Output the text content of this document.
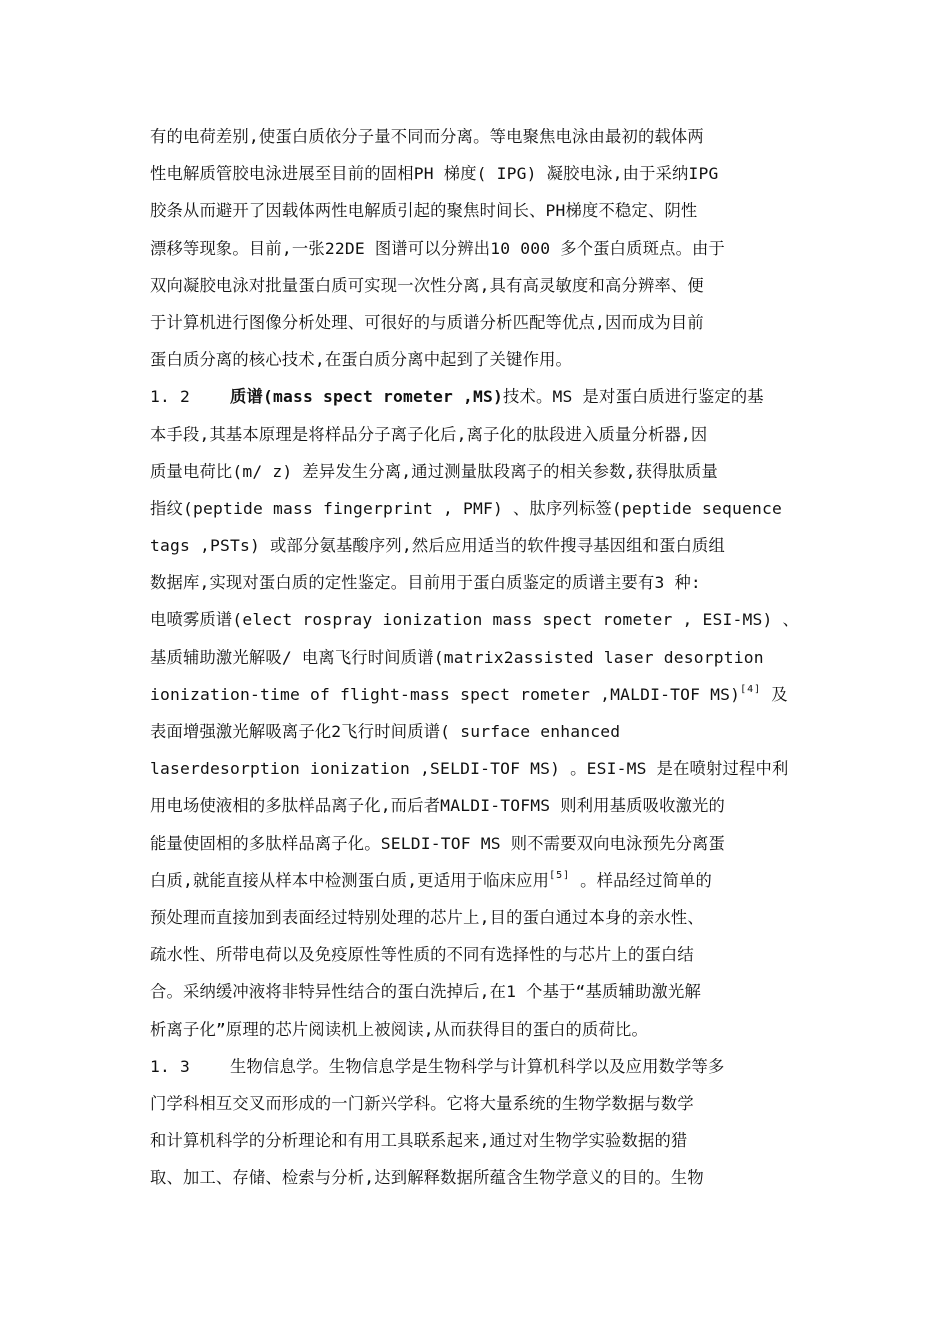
有的电荷差别,使蛋白质依分子量不同而分离。等电聚焦电泳由最初的载体两
性电解质管胶电泳进展至目前的固相PH 梯度( IPG) 凝胶电泳,由于采纳IPG
胶条从而避开了因载体两性电解质引起的聚焦时间长、PH梯度不稳定、阴性
漂移等现象。目前,一张22DE 图谱可以分辨出10 000 多个蛋白质斑点。由于
双向凝胶电泳对批量蛋白质可实现一次性分离,具有高灵敏度和高分辨率、便
于计算机进行图像分析处理、可很好的与质谱分析匹配等优点,因而成为目前
蛋白质分离的核心技术,在蛋白质分离中起到了关键作用。
1. 2 质谱(mass spect rometer ,MS)技术。MS 是对蛋白质进行鉴定的基
本手段,其基本原理是将样品分子离子化后,离子化的肽段进入质量分析器,因
质量电荷比(m/ z) 差异发生分离,通过测量肽段离子的相关参数,获得肽质量
指纹(peptide mass fingerprint , PMF) 、肽序列标签(peptide sequence
tags ,PSTs) 或部分氨基酸序列,然后应用适当的软件搜寻基因组和蛋白质组
数据库,实现对蛋白质的定性鉴定。目前用于蛋白质鉴定的质谱主要有3 种:
电喷雾质谱(elect rospray ionization mass spect rometer , ESI-MS) 、
基质辅助激光解吸/ 电离飞行时间质谱(matrix2assisted laser desorption
ionization-time of flight-mass spect rometer ,MALDI-TOF MS)[4] 及
表面增强激光解吸离子化2飞行时间质谱( surface enhanced
laserdesorption ionization ,SELDI-TOF MS) 。ESI-MS 是在喷射过程中利
用电场使液相的多肽样品离子化,而后者MALDI-TOFMS 则利用基质吸收激光的
能量使固相的多肽样品离子化。SELDI-TOF MS 则不需要双向电泳预先分离蛋
白质,就能直接从样本中检测蛋白质,更适用于临床应用[5] 。样品经过简单的
预处理而直接加到表面经过特别处理的芯片上,目的蛋白通过本身的亲水性、
疏水性、所带电荷以及免疫原性等性质的不同有选择性的与芯片上的蛋白结
合。采纳缓冲液将非特异性结合的蛋白洗掉后,在1 个基于“基质辅助激光解
析离子化”原理的芯片阅读机上被阅读,从而获得目的蛋白的质荷比。
1. 3 生物信息学。生物信息学是生物科学与计算机科学以及应用数学等多
门学科相互交叉而形成的一门新兴学科。它将大量系统的生物学数据与数学
和计算机科学的分析理论和有用工具联系起来,通过对生物学实验数据的猎
取、加工、存储、检索与分析,达到解释数据所蕴含生物学意义的目的。生物
